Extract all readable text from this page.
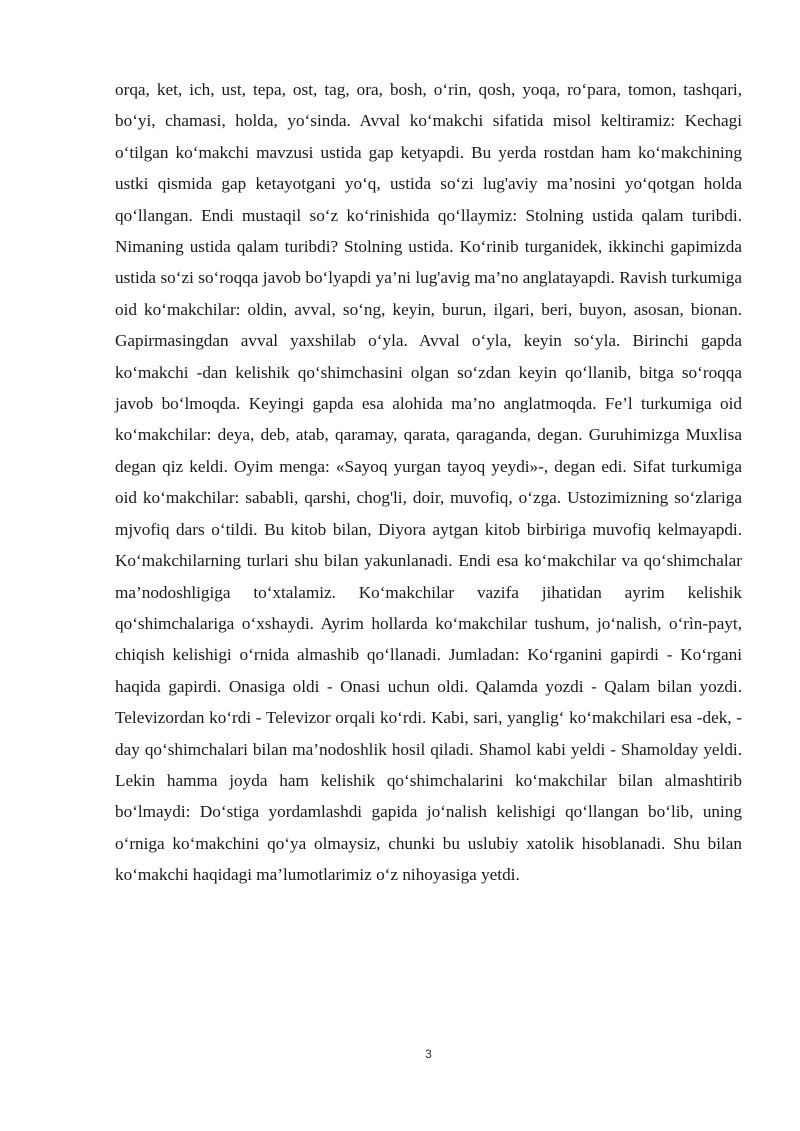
orqa, ket, ich, ust, tepa, ost, tag, ora, bosh, o‘rin, qosh, yoqa, ro‘para, tomon, tashqari, bo‘yi, chamasi, holda, yo‘sinda. Avval ko‘makchi sifatida misol keltiramiz: Kechagi o‘tilgan ko‘makchi mavzusi ustida gap ketyapdi. Bu yerda rostdan ham ko‘makchining ustki qismida gap ketayotgani yo‘q, ustida so‘zi lug'aviy ma’nosini yo‘qotgan holda qo‘llangan. Endi mustaqil so‘z ko‘rinishida qo‘llaymiz: Stolning ustida qalam turibdi. Nimaning ustida qalam turibdi? Stolning ustida. Ko‘rinib turganidek, ikkinchi gapimizda ustida so‘zi so‘roqqa javob bo‘lyapdi ya’ni lug'avig ma’no anglatayapdi. Ravish turkumiga oid ko‘makchilar: oldin, avval, so‘ng, keyin, burun, ilgari, beri, buyon, asosan, bionan. Gapirmasingdan avval yaxshilab o‘yla. Avval o‘yla, keyin so‘yla. Birinchi gapda ko‘makchi -dan kelishik qo‘shimchasini olgan so‘zdan keyin qo‘llanib, bitga so‘roqqa javob bo‘lmoqda. Keyingi gapda esa alohida ma’no anglatmoqda. Fe’l turkumiga oid ko‘makchilar: deya, deb, atab, qaramay, qarata, qaraganda, degan. Guruhimizga Muxlisa degan qiz keldi. Oyim menga: «Sayoq yurgan tayoq yeydi»-, degan edi. Sifat turkumiga oid ko‘makchilar: sababli, qarshi, chog'li, doir, muvofiq, o‘zga. Ustozimizning so‘zlariga mjvofiq dars o‘tildi. Bu kitob bilan, Diyora aytgan kitob birbiriga muvofiq kelmayapdi. Ko‘makchilarning turlari shu bilan yakunlanadi. Endi esa ko‘makchilar va qo‘shimchalar ma’nodoshligiga to‘xtalamiz. Ko‘makchilar vazifa jihatidan ayrim kelishik qo‘shimchalariga o‘xshaydi. Ayrim hollarda ko‘makchilar tushum, jo‘nalish, o‘rìn-payt, chiqish kelishigi o‘rnida almashib qo‘llanadi. Jumladan: Ko‘rganini gapirdi - Ko‘rgani haqida gapirdi. Onasiga oldi - Onasi uchun oldi. Qalamda yozdi - Qalam bilan yozdi. Televizordan ko‘rdi - Televizor orqali ko‘rdi. Kabi, sari, yanglig‘ ko‘makchilari esa -dek, -day qo‘shimchalari bilan ma’nodoshlik hosil qiladi. Shamol kabi yeldi - Shamolday yeldi. Lekin hamma joyda ham kelishik qo‘shimchalarini ko‘makchilar bilan almashtirib bo‘lmaydi: Do‘stiga yordamlashdi gapida jo‘nalish kelishigi qo‘llangan bo‘lib, uning o‘rniga ko‘makchini qo‘ya olmaysiz, chunki bu uslubiy xatolik hisoblanadi. Shu bilan ko‘makchi haqidagi ma’lumotlarimiz o‘z nihoyasiga yetdi.

3
